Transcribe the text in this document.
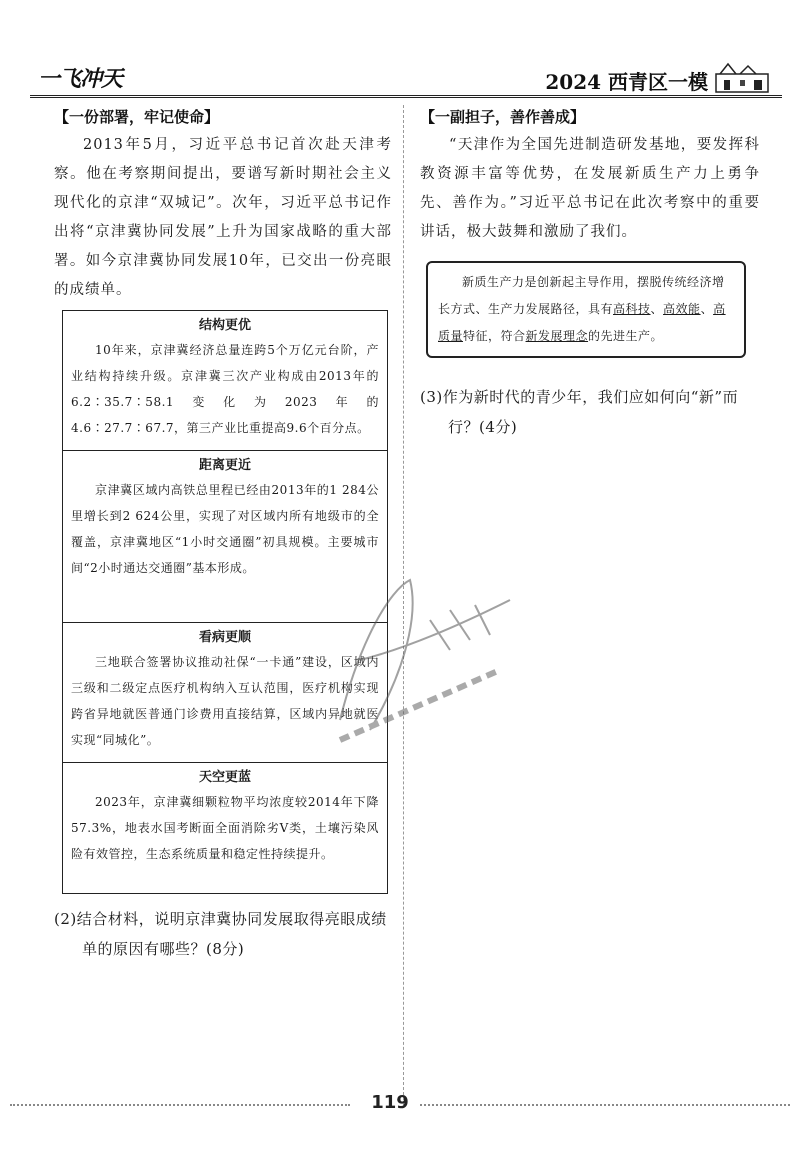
一飞冲天	2024 西青区一模
【一份部署，牢记使命】

2013年5月，习近平总书记首次赴天津考察。他在考察期间提出，要谱写新时期社会主义现代化的京津“双城记”。次年，习近平总书记作出将“京津冀协同发展”上升为国家战略的重大部署。如今京津冀协同发展10年，已交出一份亮眼的成绩单。

结构更优

10年来，京津冀经济总量连跨5个万亿元台阶，产业结构持续升级。京津冀三次产业构成由2013年的6.2∶35.7∶58.1变化为2023年的4.6∶27.7∶67.7，第三产业比重提高9.6个百分点。

距离更近

京津冀区域内高铁总里程已经由2013年的1 284公里增长到2 624公里，实现了对区域内所有地级市的全覆盖，京津冀地区“1小时交通圈”初具规模。主要城市间“2小时通达交通圈”基本形成。

看病更顺

三地联合签署协议推动社保“一卡通”建设，区域内三级和二级定点医疗机构纳入互认范围，医疗机构实现跨省异地就医普通门诊费用直接结算，区域内异地就医实现“同城化”。

天空更蓝

2023年，京津冀细颗粒物平均浓度较2014年下降57.3%，地表水国考断面全面消除劣Ⅴ类，土壤污染风险有效管控，生态系统质量和稳定性持续提升。

(2)结合材料，说明京津冀协同发展取得亮眼成绩单的原因有哪些？(8分)

【一副担子，善作善成】

“天津作为全国先进制造研发基地，要发挥科教资源丰富等优势，在发展新质生产力上勇争先、善作为。”习近平总书记在此次考察中的重要讲话，极大鼓舞和激励了我们。

新质生产力是创新起主导作用，摆脱传统经济增长方式、生产力发展路径，具有高科技、高效能、高质量特征，符合新发展理念的先进生产。

(3)作为新时代的青少年，我们应如何向“新”而行？(4分)

119
